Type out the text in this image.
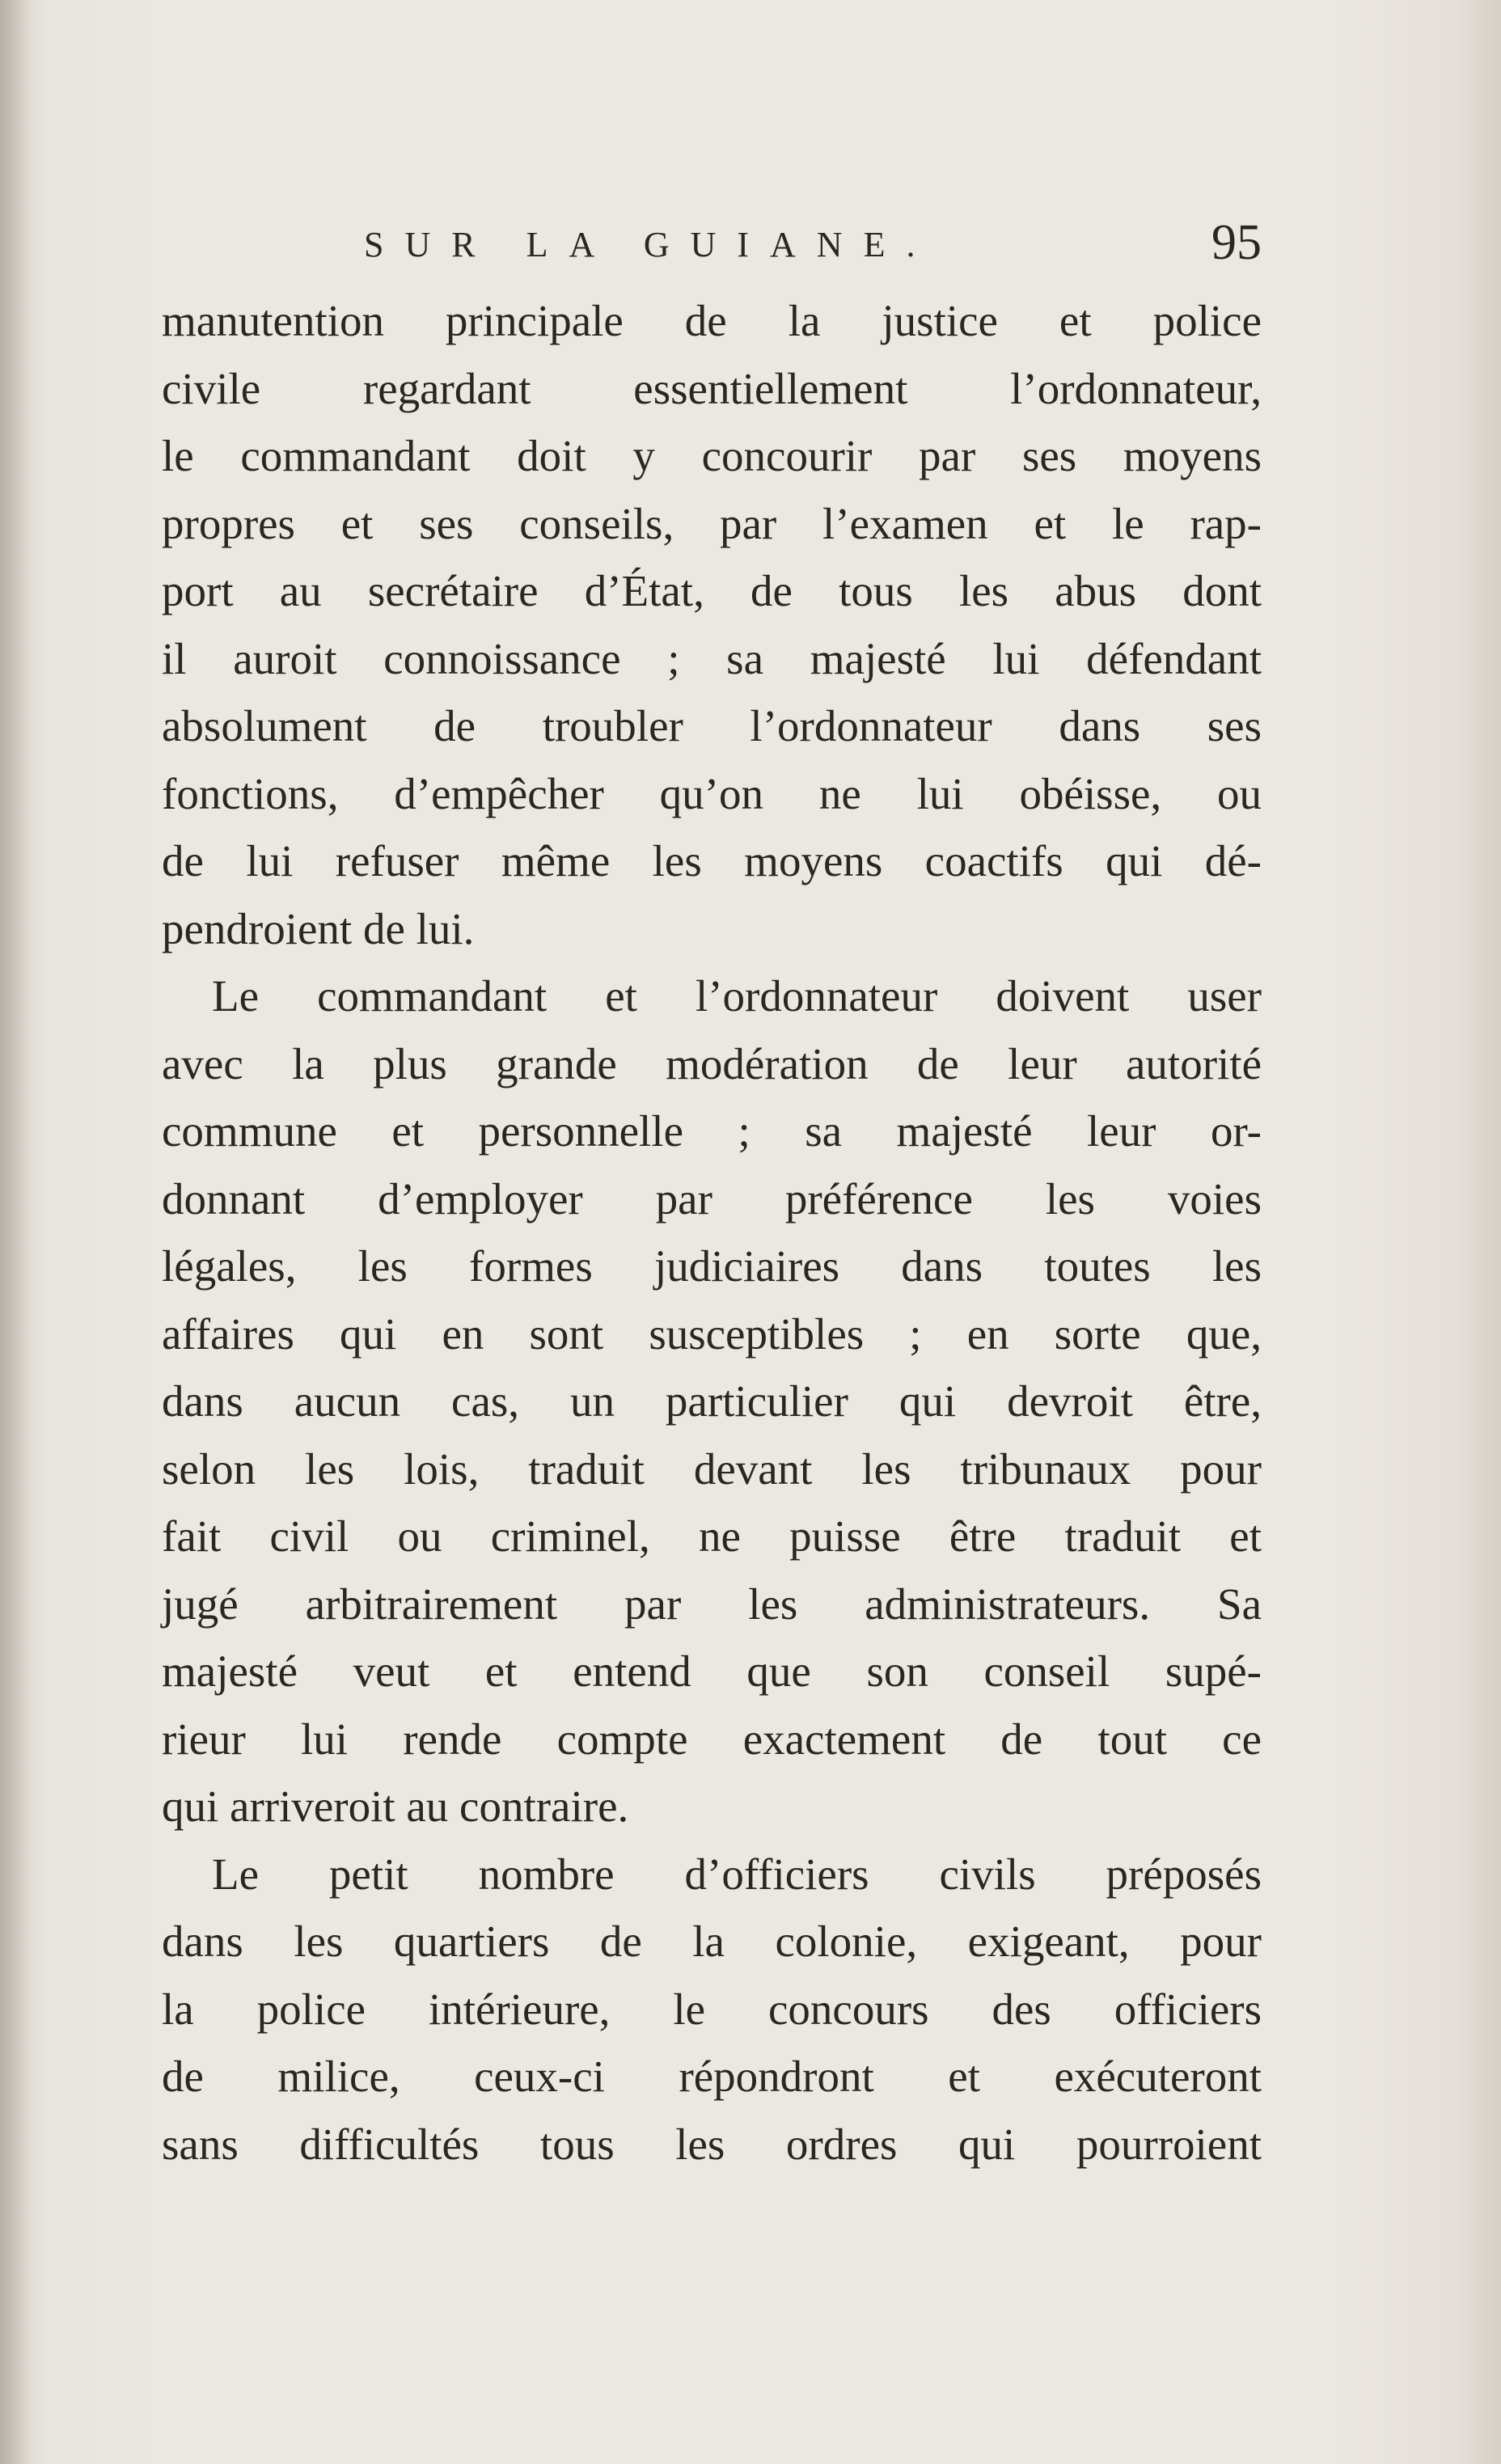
SUR LA GUIANE.	95
manutention principale de la justice et police
civile regardant essentiellement l’ordonnateur,
le commandant doit y concourir par ses moyens
propres et ses conseils, par l’examen et le rap-
port au secrétaire d’État, de tous les abus dont
il auroit connoissance ; sa majesté lui défendant
absolument de troubler l’ordonnateur dans ses
fonctions, d’empêcher qu’on ne lui obéisse, ou
de lui refuser même les moyens coactifs qui dé-
pendroient de lui.
Le commandant et l’ordonnateur doivent user
avec la plus grande modération de leur autorité
commune et personnelle ; sa majesté leur or-
donnant d’employer par préférence les voies
légales, les formes judiciaires dans toutes les
affaires qui en sont susceptibles ; en sorte que,
dans aucun cas, un particulier qui devroit être,
selon les lois, traduit devant les tribunaux pour
fait civil ou criminel, ne puisse être traduit et
jugé arbitrairement par les administrateurs. Sa
majesté veut et entend que son conseil supé-
rieur lui rende compte exactement de tout ce
qui arriveroit au contraire.
Le petit nombre d’officiers civils préposés
dans les quartiers de la colonie, exigeant, pour
la police intérieure, le concours des officiers
de milice, ceux-ci répondront et exécuteront
sans difficultés tous les ordres qui pourroient
